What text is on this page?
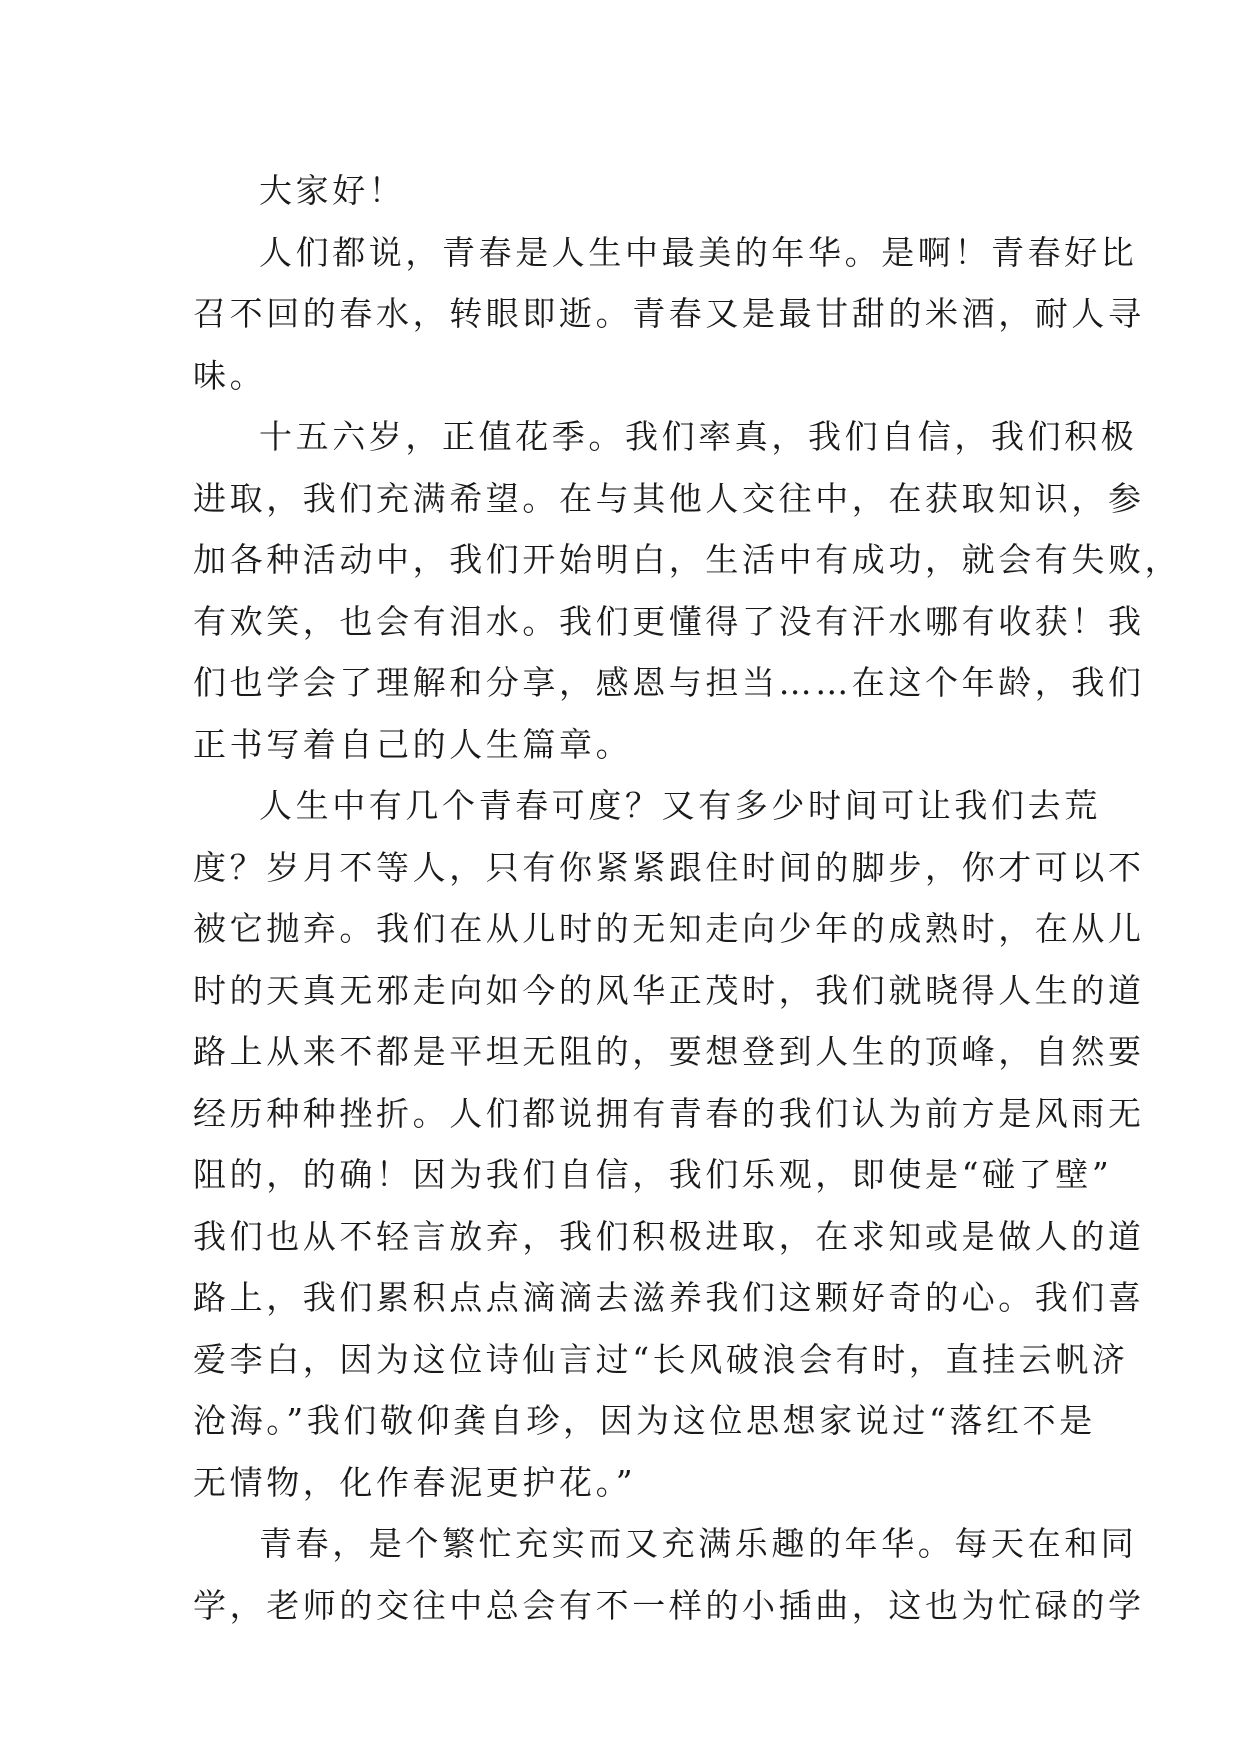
大家好！
人们都说，青春是人生中最美的年华。是啊！青春好比
召不回的春水，转眼即逝。青春又是最甘甜的米酒，耐人寻
味。
十五六岁，正值花季。我们率真，我们自信，我们积极
进取，我们充满希望。在与其他人交往中，在获取知识，参
加各种活动中，我们开始明白，生活中有成功，就会有失败，
有欢笑，也会有泪水。我们更懂得了没有汗水哪有收获！我
们也学会了理解和分享，感恩与担当……在这个年龄，我们
正书写着自己的人生篇章。
人生中有几个青春可度？又有多少时间可让我们去荒
度？岁月不等人，只有你紧紧跟住时间的脚步，你才可以不
被它抛弃。我们在从儿时的无知走向少年的成熟时，在从儿
时的天真无邪走向如今的风华正茂时，我们就晓得人生的道
路上从来不都是平坦无阻的，要想登到人生的顶峰，自然要
经历种种挫折。人们都说拥有青春的我们认为前方是风雨无
阻的，的确！因为我们自信，我们乐观，即使是“碰了壁”
我们也从不轻言放弃，我们积极进取，在求知或是做人的道
路上，我们累积点点滴滴去滋养我们这颗好奇的心。我们喜
爱李白，因为这位诗仙言过“长风破浪会有时，直挂云帆济
沧海。”我们敬仰龚自珍，因为这位思想家说过“落红不是
无情物，化作春泥更护花。”
青春，是个繁忙充实而又充满乐趣的年华。每天在和同
学，老师的交往中总会有不一样的小插曲，这也为忙碌的学
